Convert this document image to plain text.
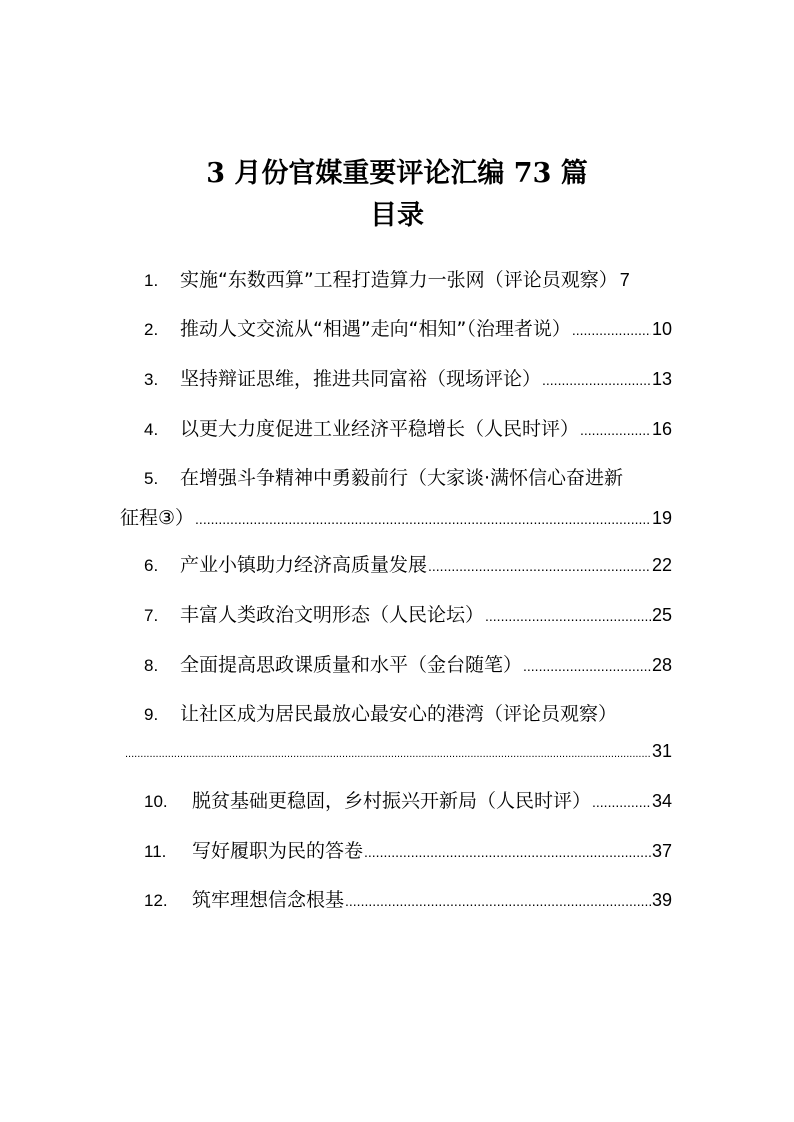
3 月份官媒重要评论汇编 73 篇
目录
1.	实施“东数西算”工程打造算力一张网（评论员观察） 7
2.	推动人文交流从“相遇”走向“相知”（治理者说） .....	10
3.	坚持辩证思维，推进共同富裕（现场评论） .....	13
4.	以更大力度促进工业经济平稳增长（人民时评） .....	16
5.	在增强斗争精神中勇毅前行（大家谈·满怀信心奋进新
征程③） .....	19
6.	产业小镇助力经济高质量发展 .....	22
7.	丰富人类政治文明形态（人民论坛） .....	25
8.	全面提高思政课质量和水平（金台随笔） .....	28
9.	让社区成为居民最放心最安心的港湾（评论员观察）
.....
31
10.	脱贫基础更稳固，乡村振兴开新局（人民时评） .....	34
11.	写好履职为民的答卷 .....	37
12.	筑牢理想信念根基 .....	39
